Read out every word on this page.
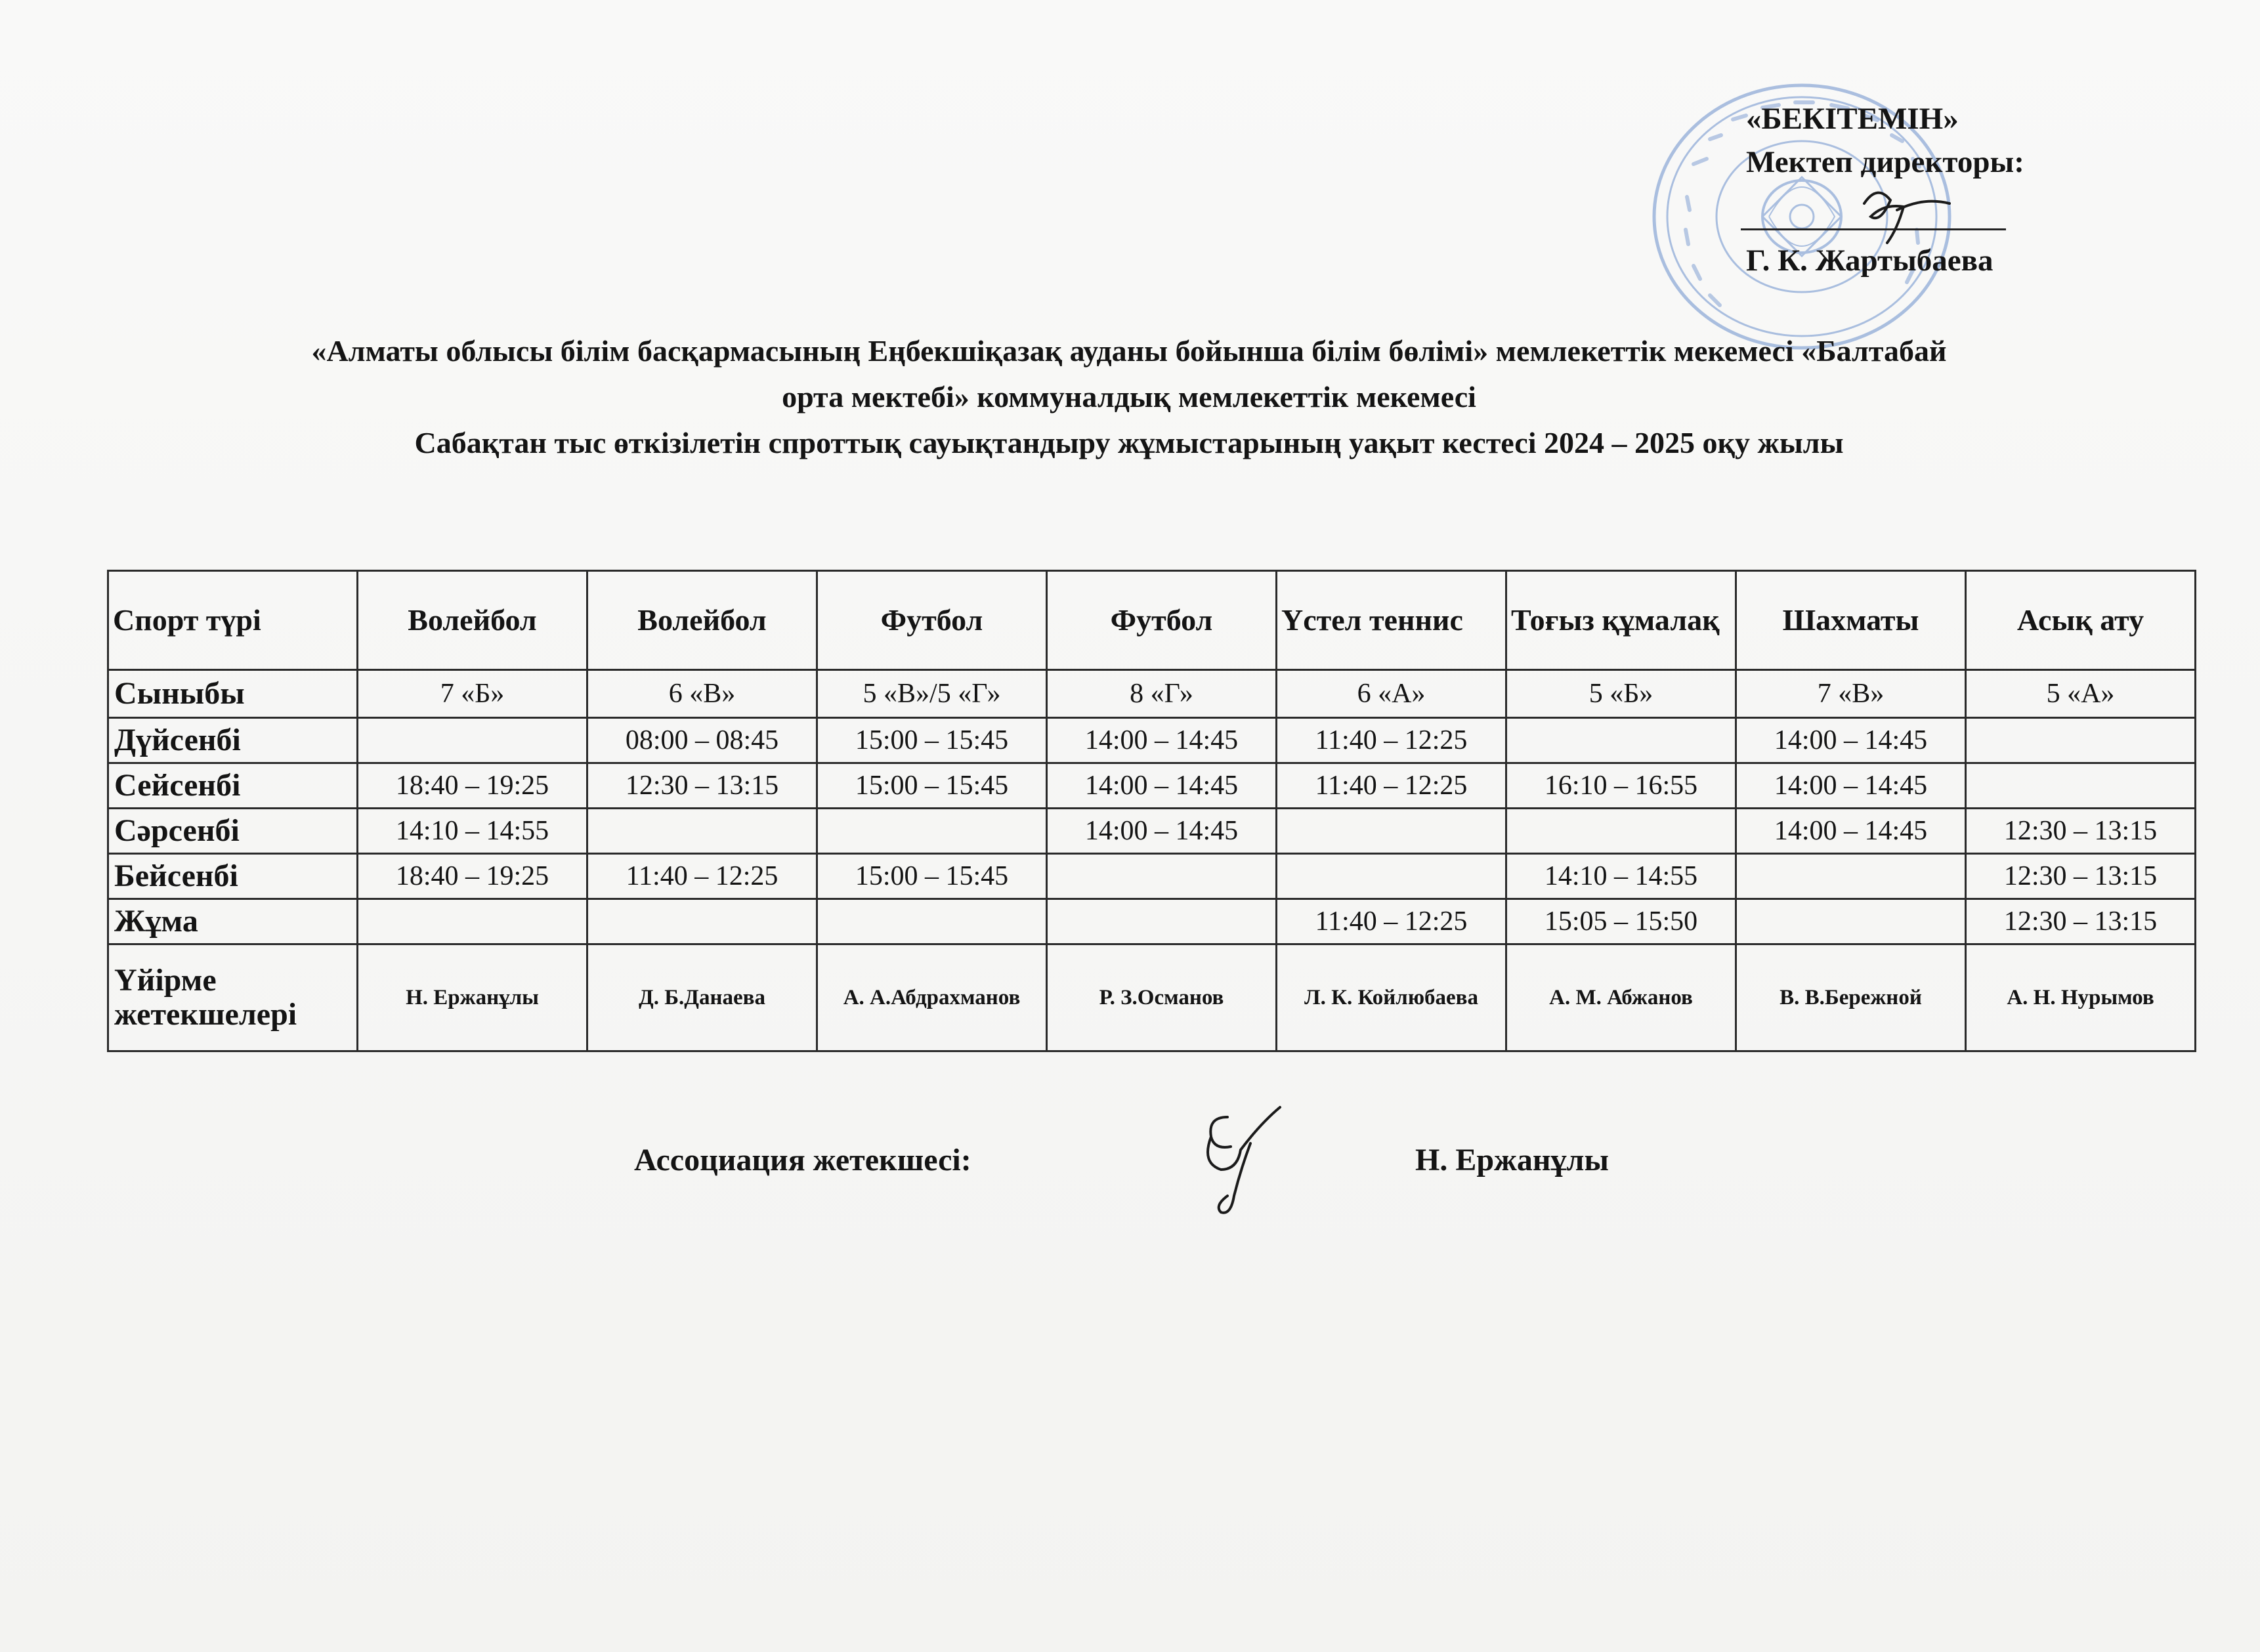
«БЕКІТЕМІН»
Мектеп директоры:
Г. К. Жартыбаева
«Алматы облысы білім басқармасының Еңбекшіқазақ ауданы бойынша білім бөлімі» мемлекеттік мекемесі «Балтабай
орта мектебі» коммуналдық мемлекеттік мекемесі
Сабақтан тыс өткізілетін спроттық сауықтандыру жұмыстарының уақыт кестесі 2024 – 2025 оқу жылы
Спорт түрі	Волейбол	Волейбол	Футбол	Футбол	Үстел теннис	Тоғыз құмалақ	Шахматы	Асық ату
Сыныбы	7 «Б»	6 «В»	5 «В»/5 «Г»	8 «Г»	6 «А»	5 «Б»	7 «В»	5 «А»
Дүйсенбі		08:00 – 08:45	15:00 – 15:45	14:00 – 14:45	11:40 – 12:25		14:00 – 14:45	
Сейсенбі	18:40 – 19:25	12:30 – 13:15	15:00 – 15:45	14:00 – 14:45	11:40 – 12:25	16:10 – 16:55	14:00 – 14:45	
Сәрсенбі	14:10 – 14:55			14:00 – 14:45			14:00 – 14:45	12:30 – 13:15
Бейсенбі	18:40 – 19:25	11:40 – 12:25	15:00 – 15:45			14:10 – 14:55		12:30 – 13:15
Жұма					11:40 – 12:25	15:05 – 15:50		12:30 – 13:15
Үйірме жетекшелері	Н. Ержанұлы	Д. Б.Данаева	А. А.Абдрахманов	Р. З.Османов	Л. К. Койлюбаева	А. М. Абжанов	В. В.Бережной	А. Н. Нурымов
Ассоциация жетекшесі:	Н. Ержанұлы
